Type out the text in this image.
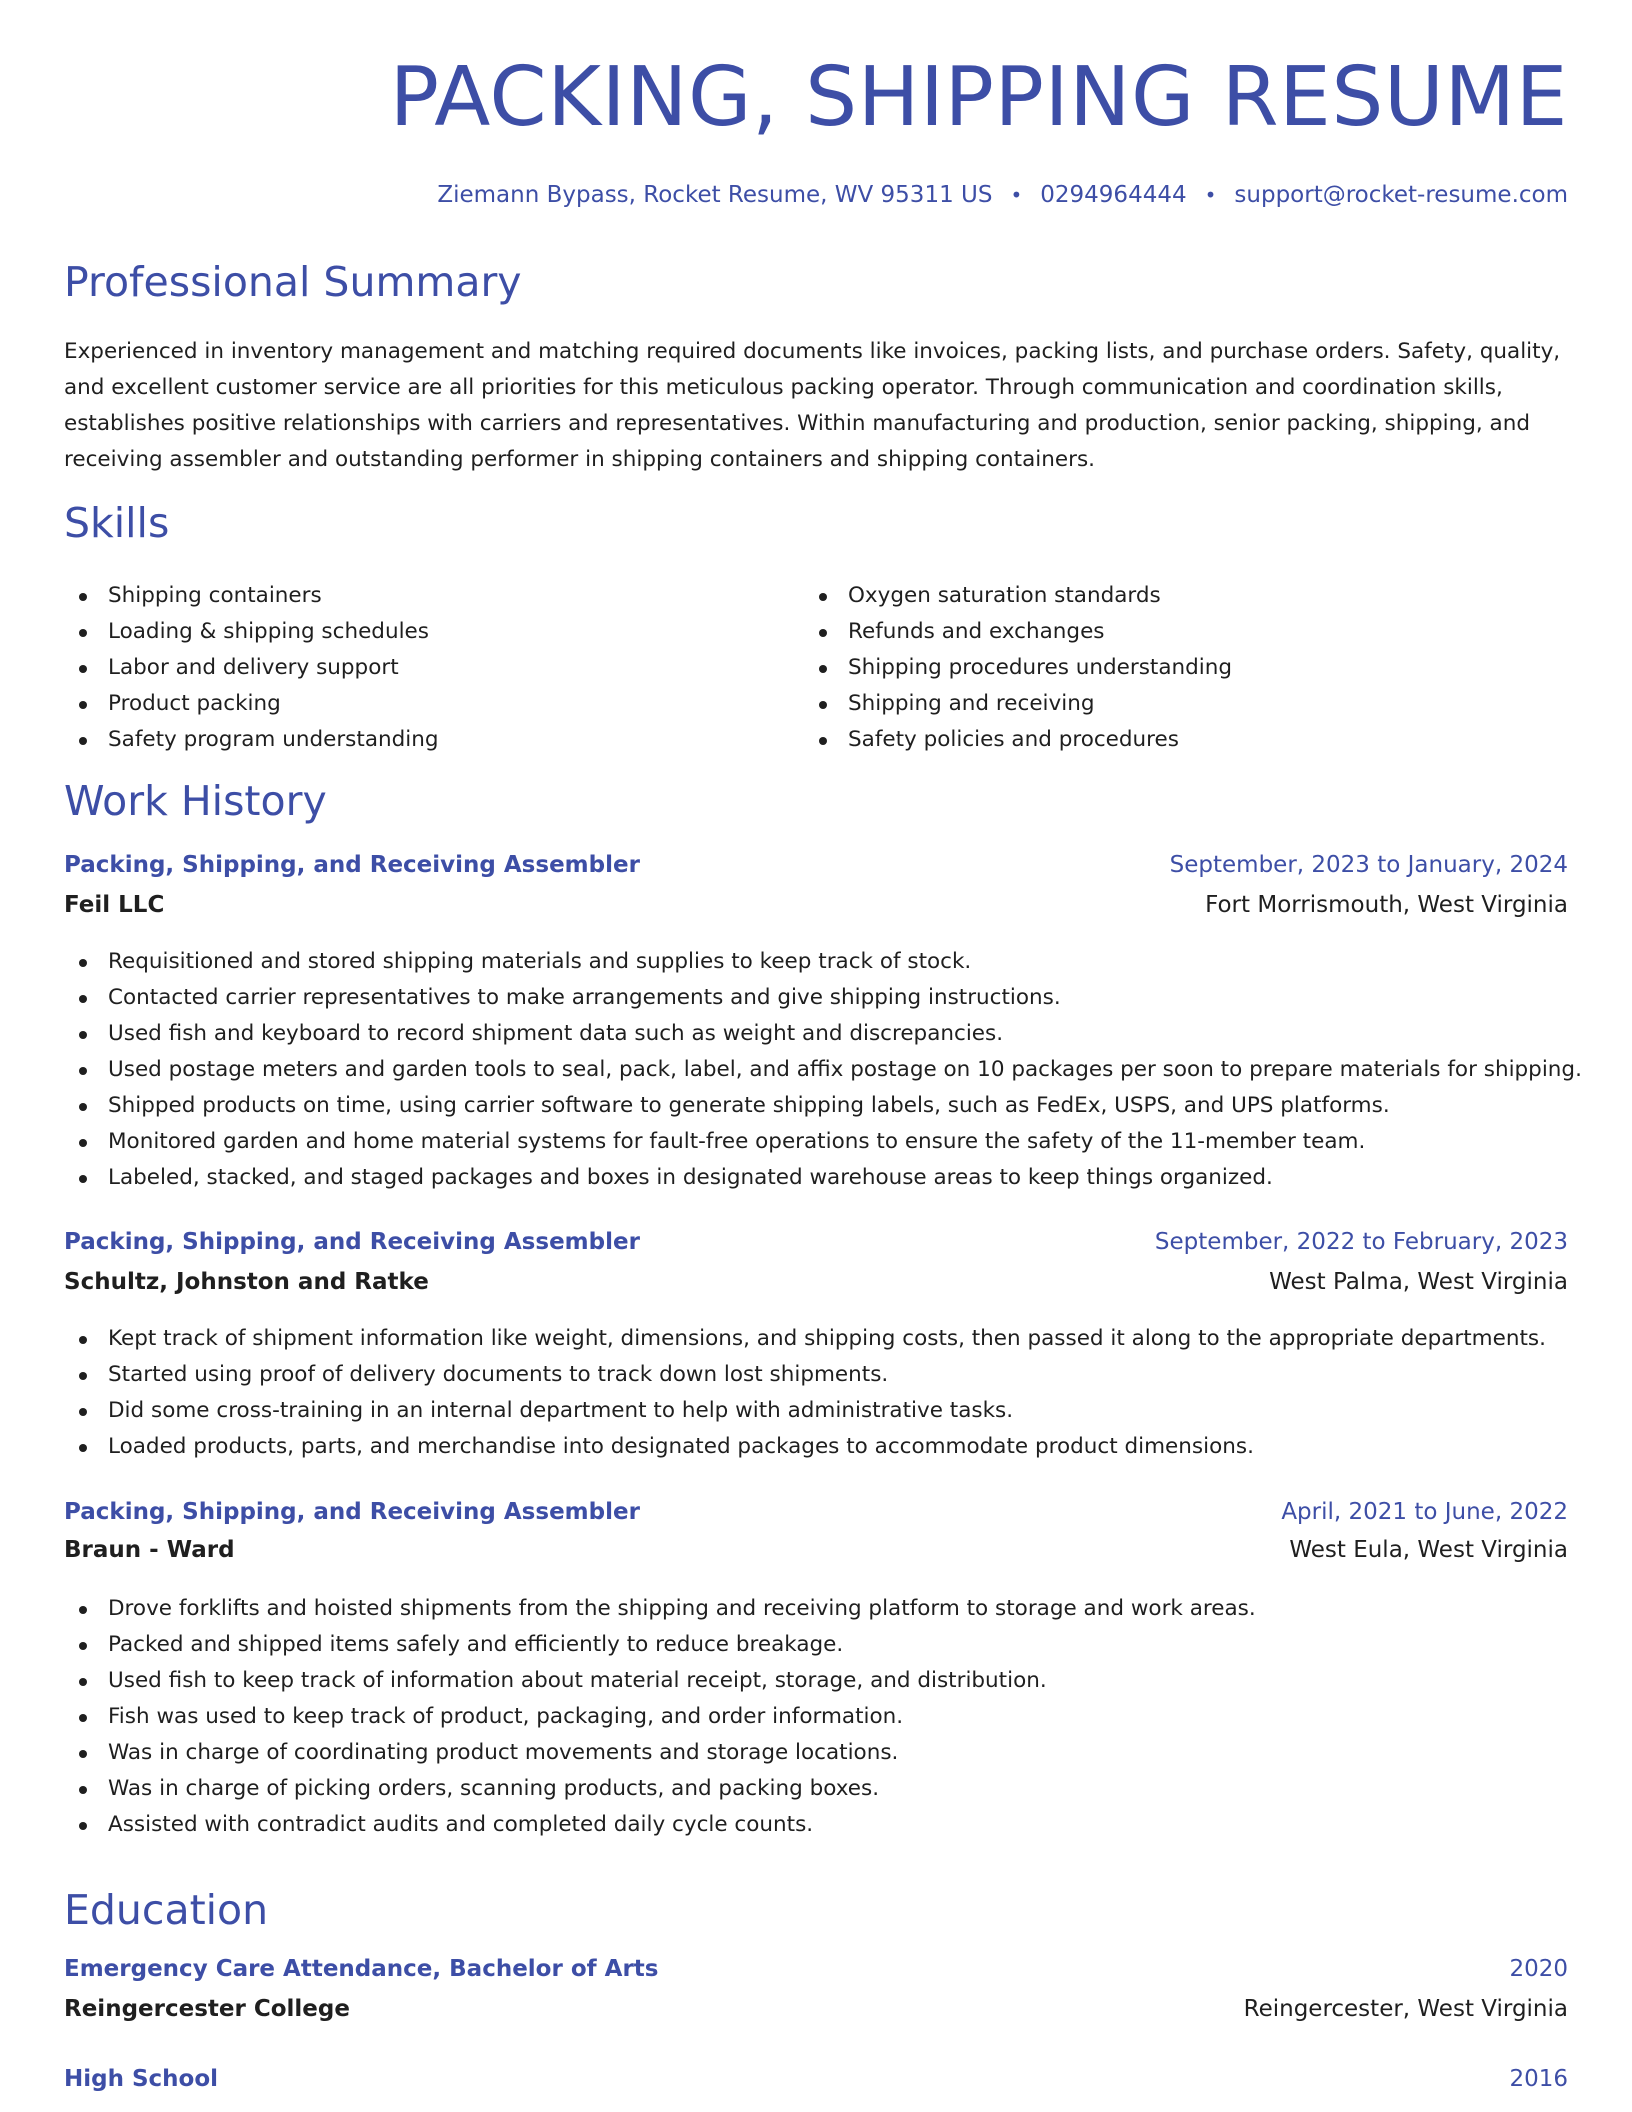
PACKING, SHIPPING RESUME
Ziemann Bypass, Rocket Resume, WV 95311 US • 0294964444 • support@rocket-resume.com
Professional Summary

Experienced in inventory management and matching required documents like invoices, packing lists, and purchase orders. Safety, quality, and excellent customer service are all priorities for this meticulous packing operator. Through communication and coordination skills, establishes positive relationships with carriers and representatives. Within manufacturing and production, senior packing, shipping, and receiving assembler and outstanding performer in shipping containers and shipping containers.

Skills
Shipping containers
Loading & shipping schedules
Labor and delivery support
Product packing
Safety program understanding
Oxygen saturation standards
Refunds and exchanges
Shipping procedures understanding
Shipping and receiving
Safety policies and procedures
Work History
Packing, Shipping, and Receiving Assembler	September, 2023 to January, 2024
Feil LLC	Fort Morrismouth, West Virginia
Requisitioned and stored shipping materials and supplies to keep track of stock.
Contacted carrier representatives to make arrangements and give shipping instructions.
Used fish and keyboard to record shipment data such as weight and discrepancies.
Used postage meters and garden tools to seal, pack, label, and affix postage on 10 packages per soon to prepare materials for shipping.
Shipped products on time, using carrier software to generate shipping labels, such as FedEx, USPS, and UPS platforms.
Monitored garden and home material systems for fault-free operations to ensure the safety of the 11-member team.
Labeled, stacked, and staged packages and boxes in designated warehouse areas to keep things organized.
Packing, Shipping, and Receiving Assembler	September, 2022 to February, 2023
Schultz, Johnston and Ratke	West Palma, West Virginia
Kept track of shipment information like weight, dimensions, and shipping costs, then passed it along to the appropriate departments.
Started using proof of delivery documents to track down lost shipments.
Did some cross-training in an internal department to help with administrative tasks.
Loaded products, parts, and merchandise into designated packages to accommodate product dimensions.
Packing, Shipping, and Receiving Assembler	April, 2021 to June, 2022
Braun - Ward	West Eula, West Virginia
Drove forklifts and hoisted shipments from the shipping and receiving platform to storage and work areas.
Packed and shipped items safely and efficiently to reduce breakage.
Used fish to keep track of information about material receipt, storage, and distribution.
Fish was used to keep track of product, packaging, and order information.
Was in charge of coordinating product movements and storage locations.
Was in charge of picking orders, scanning products, and packing boxes.
Assisted with contradict audits and completed daily cycle counts.
Education
Emergency Care Attendance, Bachelor of Arts	2020
Reingercester College	Reingercester, West Virginia
High School	2016
